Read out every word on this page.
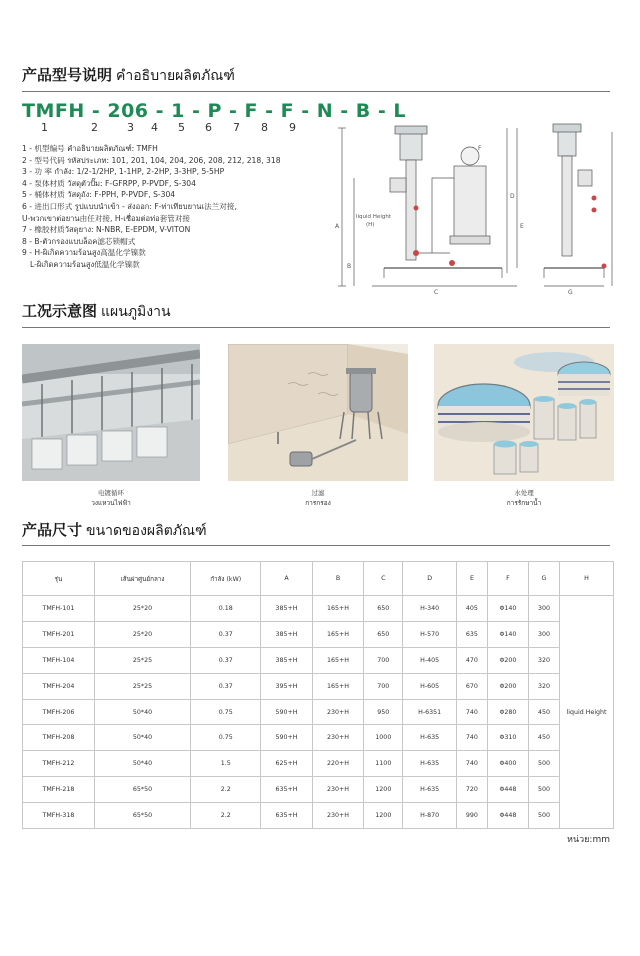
产品型号说明 คำอธิบายผลิตภัณฑ์
TMFH - 206 - 1 - P - F - F - N - B - L
1	2	3 4 5 6 7 8 9
1 - 机型编号 คำอธิบายผลิตภัณฑ์: TMFH
2 - 型号代码 รหัสประเภท: 101, 201, 104, 204, 206, 208, 212, 218, 318
3 - 功 率 กำลัง: 1/2-1/2HP, 1-1HP, 2-2HP, 3-3HP, 5-5HP
4 - 泵体材质 วัสดุตัวปั๊ม: F-GFRPP, P-PVDF, S-304
5 - 桶体材质 วัสดุถัง: F-PPH, P-PVDF, S-304
6 - 进出口形式 รูปแบบนำเข้า - ส่งออก: F-ท่าเทียบยานเ法兰对接,
U-พวกเขาต่อยาน由任对接, H-เชื่อมต่อท่อ套管对接
7 - 橡胶材质วัสดุยาง: N-NBR, E-EPDM, V-VITON
8 - B-ตัวกรองแบบล็อค滤芯锁帽式
9 - H-ผิเกิดความร้อนสูง高温化学镍款
L-ผิเกิดความร้อนสูง低温化学镍款
A
B
liquid Height
(H)
C
D
E
F
G
工况示意图 แผนภูมิงาน
电镀循环
วงแหวนไฟฟ้า
过滤
การกรอง
水处理
การรักษาน้ำ
产品尺寸 ขนาดของผลิตภัณฑ์
รุ่น	เส้นผ่าศูนย์กลาง	กำลัง (kW)	A	B	C	D	E	F	G	H
TMFH-101	25*20	0.18	385+H	165+H	650	H-340	405	Φ140	300	liquid Height
TMFH-201	25*20	0.37	385+H	165+H	650	H-570	635	Φ140	300	
TMFH-104	25*25	0.37	385+H	165+H	700	H-405	470	Φ200	320	
TMFH-204	25*25	0.37	395+H	165+H	700	H-605	670	Φ200	320	
TMFH-206	50*40	0.75	590+H	230+H	950	H-6351	740	Φ280	450	
TMFH-208	50*40	0.75	590+H	230+H	1000	H-635	740	Φ310	450	
TMFH-212	50*40	1.5	625+H	220+H	1100	H-635	740	Φ400	500	
TMFH-218	65*50	2.2	635+H	230+H	1200	H-635	720	Φ448	500	
TMFH-318	65*50	2.2	635+H	230+H	1200	H-870	990	Φ448	500	
หน่วย:mm
